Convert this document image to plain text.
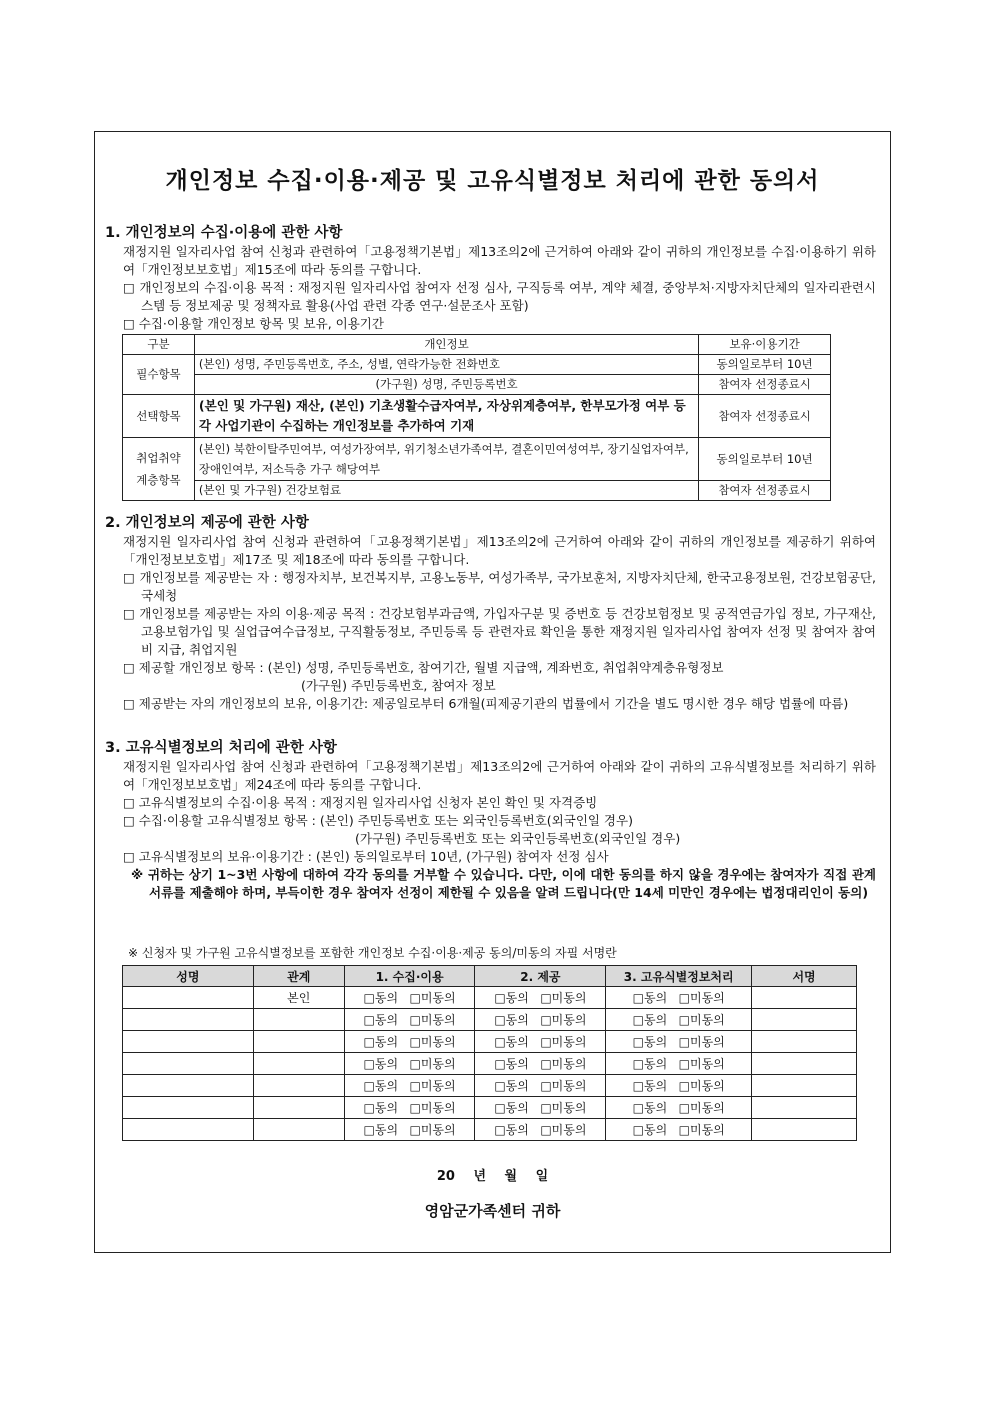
개인정보 수집·이용·제공 및 고유식별정보 처리에 관한 동의서
1. 개인정보의 수집·이용에 관한 사항
재정지원 일자리사업 참여 신청과 관련하여「고용정책기본법」제13조의2에 근거하여 아래와 같이 귀하의 개인정보를 수집·이용하기 위하여「개인정보보호법」제15조에 따라 동의를 구합니다.
□ 개인정보의 수집·이용 목적 : 재정지원 일자리사업 참여자 선정 심사, 구직등록 여부, 계약 체결, 중앙부처·지방자치단체의 일자리관련시스템 등 정보제공 및 정책자료 활용(사업 관련 각종 연구·설문조사 포함)
□ 수집·이용할 개인정보 항목 및 보유, 이용기간
구분	개인정보	보유·이용기간
필수항목	(본인) 성명, 주민등록번호, 주소, 성별, 연락가능한 전화번호	동의일로부터 10년
	(가구원) 성명, 주민등록번호	참여자 선정종료시
선택항목	(본인 및 가구원) 재산, (본인) 기초생활수급자여부, 자상위계층여부, 한부모가정 여부 등 각 사업기관이 수집하는 개인정보를 추가하여 기재	참여자 선정종료시
취업취약
계층항목	(본인) 북한이탈주민여부, 여성가장여부, 위기청소년가족여부, 결혼이민여성여부, 장기실업자여부, 장애인여부, 저소득층 가구 해당여부	동의일로부터 10년
	(본인 및 가구원) 건강보험료	참여자 선정종료시
2. 개인정보의 제공에 관한 사항
재정지원 일자리사업 참여 신청과 관련하여「고용정책기본법」제13조의2에 근거하여 아래와 같이 귀하의 개인정보를 제공하기 위하여「개인정보보호법」제17조 및 제18조에 따라 동의를 구합니다.
□ 개인정보를 제공받는 자 : 행정자치부, 보건복지부, 고용노동부, 여성가족부, 국가보훈처, 지방자치단체, 한국고용정보원, 건강보험공단, 국세청
□ 개인정보를 제공받는 자의 이용·제공 목적 : 건강보험부과금액, 가입자구분 및 증번호 등 건강보험정보 및 공적연금가입 정보, 가구재산, 고용보험가입 및 실업급여수급정보, 구직활동정보, 주민등록 등 관련자료 확인을 통한 재정지원 일자리사업 참여자 선정 및 참여자 참여비 지급, 취업지원
□ 제공할 개인정보 항목 : (본인) 성명, 주민등록번호, 참여기간, 월별 지급액, 계좌번호, 취업취약계층유형정보
(가구원) 주민등록번호, 참여자 정보
□ 제공받는 자의 개인정보의 보유, 이용기간: 제공일로부터 6개월(피제공기관의 법률에서 기간을 별도 명시한 경우 해당 법률에 따름)
3. 고유식별정보의 처리에 관한 사항
재정지원 일자리사업 참여 신청과 관련하여「고용정책기본법」제13조의2에 근거하여 아래와 같이 귀하의 고유식별정보를 처리하기 위하여「개인정보보호법」제24조에 따라 동의를 구합니다.
□ 고유식별정보의 수집·이용 목적 : 재정지원 일자리사업 신청자 본인 확인 및 자격증빙
□ 수집·이용할 고유식별정보 항목 : (본인) 주민등록번호 또는 외국인등록번호(외국인일 경우)
(가구원) 주민등록번호 또는 외국인등록번호(외국인일 경우)
□ 고유식별정보의 보유·이용기간 : (본인) 동의일로부터 10년, (가구원) 참여자 선정 심사
※ 귀하는 상기 1~3번 사항에 대하여 각각 동의를 거부할 수 있습니다. 다만, 이에 대한 동의를 하지 않을 경우에는 참여자가 직접 관계서류를 제출해야 하며, 부득이한 경우 참여자 선정이 제한될 수 있음을 알려 드립니다(만 14세 미만인 경우에는 법정대리인이 동의)
※ 신청자 및 가구원 고유식별정보를 포함한 개인정보 수집·이용·제공 동의/미동의 자필 서명란
성명	관계	1. 수집·이용	2. 제공	3. 고유식별정보처리	서명
	본인	□동의 □미동의	□동의 □미동의	□동의 □미동의	
		□동의 □미동의	□동의 □미동의	□동의 □미동의	
		□동의 □미동의	□동의 □미동의	□동의 □미동의	
		□동의 □미동의	□동의 □미동의	□동의 □미동의	
		□동의 □미동의	□동의 □미동의	□동의 □미동의	
		□동의 □미동의	□동의 □미동의	□동의 □미동의	
		□동의 □미동의	□동의 □미동의	□동의 □미동의	
20 년 월 일
영암군가족센터 귀하
